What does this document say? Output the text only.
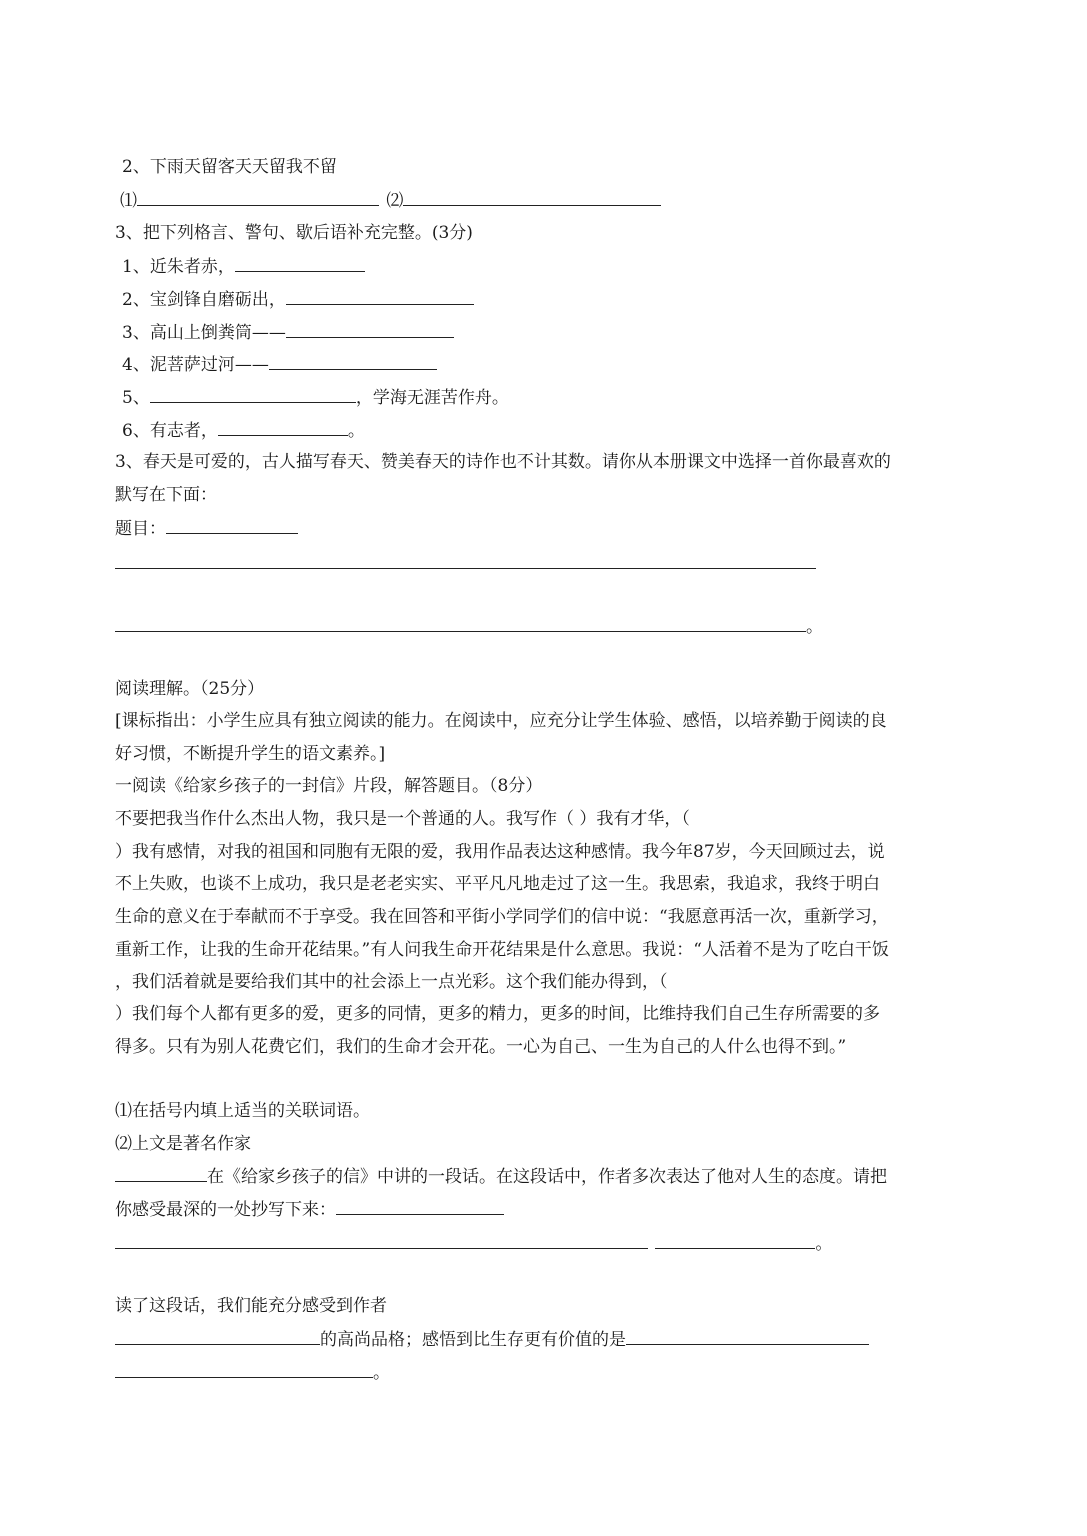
2、下雨天留客天天留我不留
⑴	⑵
3、把下列格言、警句、歇后语补充完整。(3分)
1、近朱者赤，
2、宝剑锋自磨砺出，
3、高山上倒粪筒——
4、泥菩萨过河——
5、	，学海无涯苦作舟。
6、有志者，	。
3、春天是可爱的，古人描写春天、赞美春天的诗作也不计其数。请你从本册课文中选择一首你最喜欢的
默写在下面：
题目：
。
阅读理解。（25分）
[课标指出：小学生应具有独立阅读的能力。在阅读中，应充分让学生体验、感悟，以培养勤于阅读的良
好习惯，不断提升学生的语文素养。]
一阅读《给家乡孩子的一封信》片段，解答题目。（8分）
不要把我当作什么杰出人物，我只是一个普通的人。我写作（ ）我有才华，（
）我有感情，对我的祖国和同胞有无限的爱，我用作品表达这种感情。我今年87岁，今天回顾过去，说
不上失败，也谈不上成功，我只是老老实实、平平凡凡地走过了这一生。我思索，我追求，我终于明白
生命的意义在于奉献而不于享受。我在回答和平街小学同学们的信中说：“我愿意再活一次，重新学习，
重新工作，让我的生命开花结果。”有人问我生命开花结果是什么意思。我说：“人活着不是为了吃白干饭
，我们活着就是要给我们其中的社会添上一点光彩。这个我们能办得到，（
）我们每个人都有更多的爱，更多的同情，更多的精力，更多的时间，比维持我们自己生存所需要的多
得多。只有为别人花费它们，我们的生命才会开花。一心为自己、一生为自己的人什么也得不到。”
⑴在括号内填上适当的关联词语。
⑵上文是著名作家
在《给家乡孩子的信》中讲的一段话。在这段话中，作者多次表达了他对人生的态度。请把
你感受最深的一处抄写下来：
。
读了这段话，我们能充分感受到作者
的高尚品格；感悟到比生存更有价值的是
。
